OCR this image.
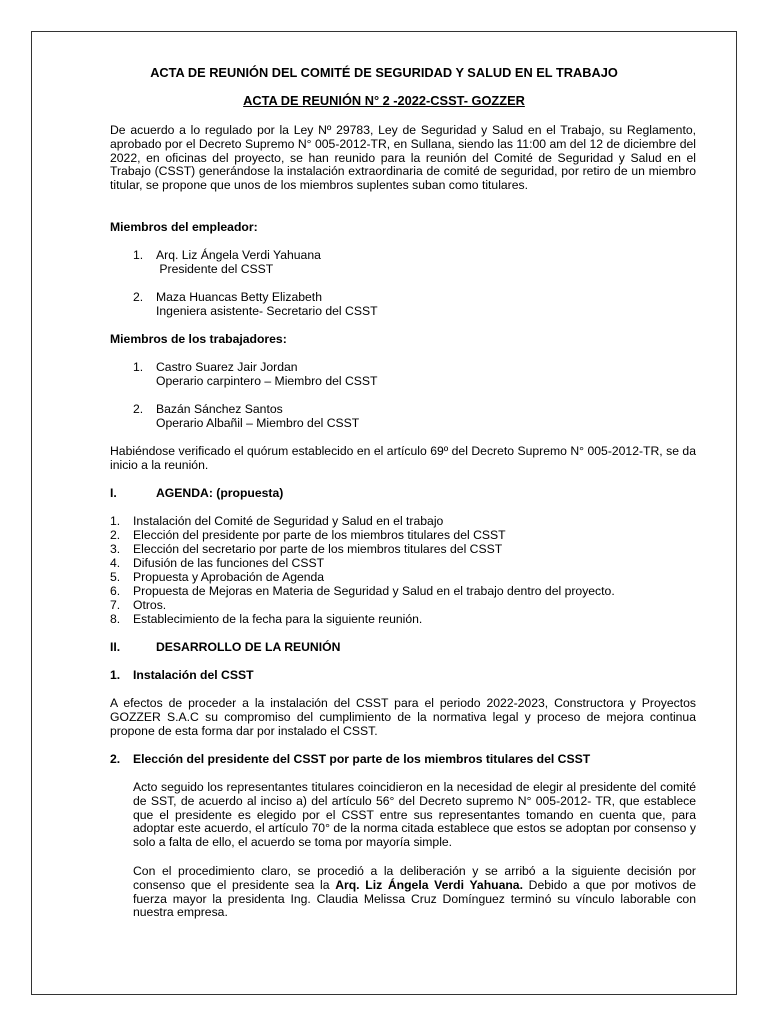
ACTA DE REUNIÓN DEL COMITÉ DE SEGURIDAD Y SALUD EN EL TRABAJO
ACTA DE REUNIÓN N° 2 -2022-CSST- GOZZER
De acuerdo a lo regulado por la Ley Nº 29783, Ley de Seguridad y Salud en el Trabajo, su Reglamento, aprobado por el Decreto Supremo N° 005-2012-TR, en Sullana, siendo las 11:00 am del 12 de diciembre del 2022, en oficinas del proyecto, se han reunido para la reunión del Comité de Seguridad y Salud en el Trabajo (CSST) generándose la instalación extraordinaria de comité de seguridad, por retiro de un miembro titular, se propone que unos de los miembros suplentes suban como titulares.
Miembros del empleador:
1. Arq. Liz Ángela Verdi Yahuana
Presidente del CSST
2. Maza Huancas Betty Elizabeth
Ingeniera asistente- Secretario del CSST
Miembros de los trabajadores:
1. Castro Suarez Jair Jordan
Operario carpintero – Miembro del CSST
2. Bazán Sánchez Santos
Operario Albañil – Miembro del CSST
Habiéndose verificado el quórum establecido en el artículo 69º del Decreto Supremo N° 005-2012-TR, se da inicio a la reunión.
I.	AGENDA: (propuesta)
1. Instalación del Comité de Seguridad y Salud en el trabajo
2. Elección del presidente por parte de los miembros titulares del CSST
3. Elección del secretario por parte de los miembros titulares del CSST
4. Difusión de las funciones del CSST
5. Propuesta y Aprobación de Agenda
6. Propuesta de Mejoras en Materia de Seguridad y Salud en el trabajo dentro del proyecto.
7. Otros.
8. Establecimiento de la fecha para la siguiente reunión.
II.	DESARROLLO DE LA REUNIÓN
1. Instalación del CSST
A efectos de proceder a la instalación del CSST para el periodo 2022-2023, Constructora y Proyectos GOZZER S.A.C su compromiso del cumplimiento de la normativa legal y proceso de mejora continua propone de esta forma dar por instalado el CSST.
2. Elección del presidente del CSST por parte de los miembros titulares del CSST
Acto seguido los representantes titulares coincidieron en la necesidad de elegir al presidente del comité de SST, de acuerdo al inciso a) del artículo 56° del Decreto supremo N° 005-2012- TR, que establece que el presidente es elegido por el CSST entre sus representantes tomando en cuenta que, para adoptar este acuerdo, el artículo 70° de la norma citada establece que estos se adoptan por consenso y solo a falta de ello, el acuerdo se toma por mayoría simple.
Con el procedimiento claro, se procedió a la deliberación y se arribó a la siguiente decisión por consenso que el presidente sea la Arq. Liz Ángela Verdi Yahuana. Debido a que por motivos de fuerza mayor la presidenta Ing. Claudia Melissa Cruz Domínguez terminó su vínculo laborable con nuestra empresa.
